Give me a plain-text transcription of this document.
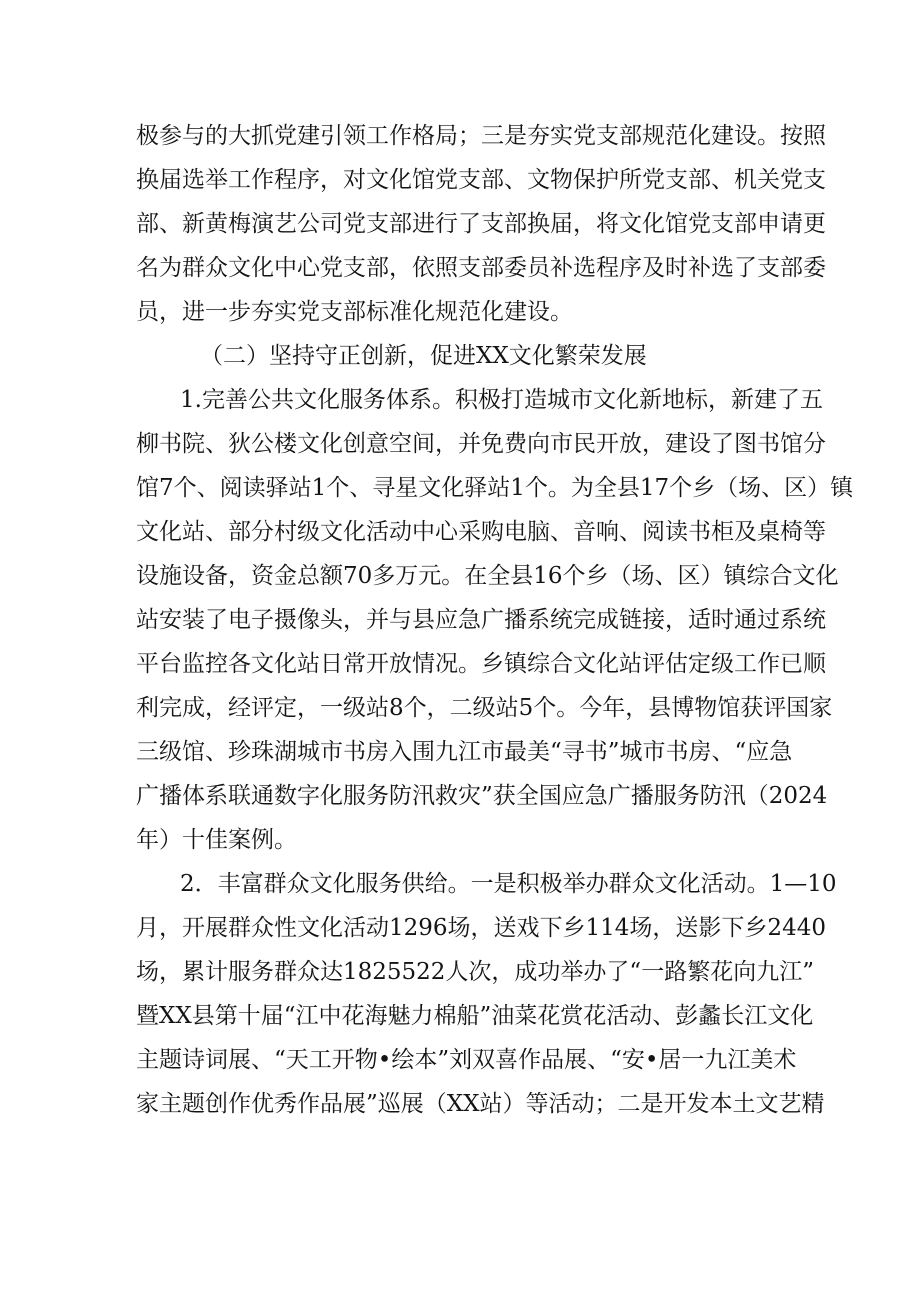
极参与的大抓党建引领工作格局；三是夯实党支部规范化建设。按照
换届选举工作程序，对文化馆党支部、文物保护所党支部、机关党支
部、新黄梅演艺公司党支部进行了支部换届，将文化馆党支部申请更
名为群众文化中心党支部，依照支部委员补选程序及时补选了支部委
员，进一步夯实党支部标准化规范化建设。
（二）坚持守正创新，促进XX文化繁荣发展
1.完善公共文化服务体系。积极打造城市文化新地标，新建了五
柳书院、狄公楼文化创意空间，并免费向市民开放，建设了图书馆分
馆7个、阅读驿站1个、寻星文化驿站1个。为全县17个乡（场、区）镇
文化站、部分村级文化活动中心采购电脑、音响、阅读书柜及桌椅等
设施设备，资金总额70多万元。在全县16个乡（场、区）镇综合文化
站安装了电子摄像头，并与县应急广播系统完成链接，适时通过系统
平台监控各文化站日常开放情况。乡镇综合文化站评估定级工作已顺
利完成，经评定，一级站8个，二级站5个。今年，县博物馆获评国家
三级馆、珍珠湖城市书房入围九江市最美“寻书”城市书房、“应急
广播体系联通数字化服务防汛救灾”获全国应急广播服务防汛（2024
年）十佳案例。
2．丰富群众文化服务供给。一是积极举办群众文化活动。1—10
月，开展群众性文化活动1296场，送戏下乡114场，送影下乡2440
场，累计服务群众达1825522人次，成功举办了“一路繁花向九江”
暨XX县第十届“江中花海魅力棉船”油菜花赏花活动、彭蠡长江文化
主题诗词展、“天工开物•绘本”刘双喜作品展、“安•居一九江美术
家主题创作优秀作品展”巡展（XX站）等活动；二是开发本土文艺精
